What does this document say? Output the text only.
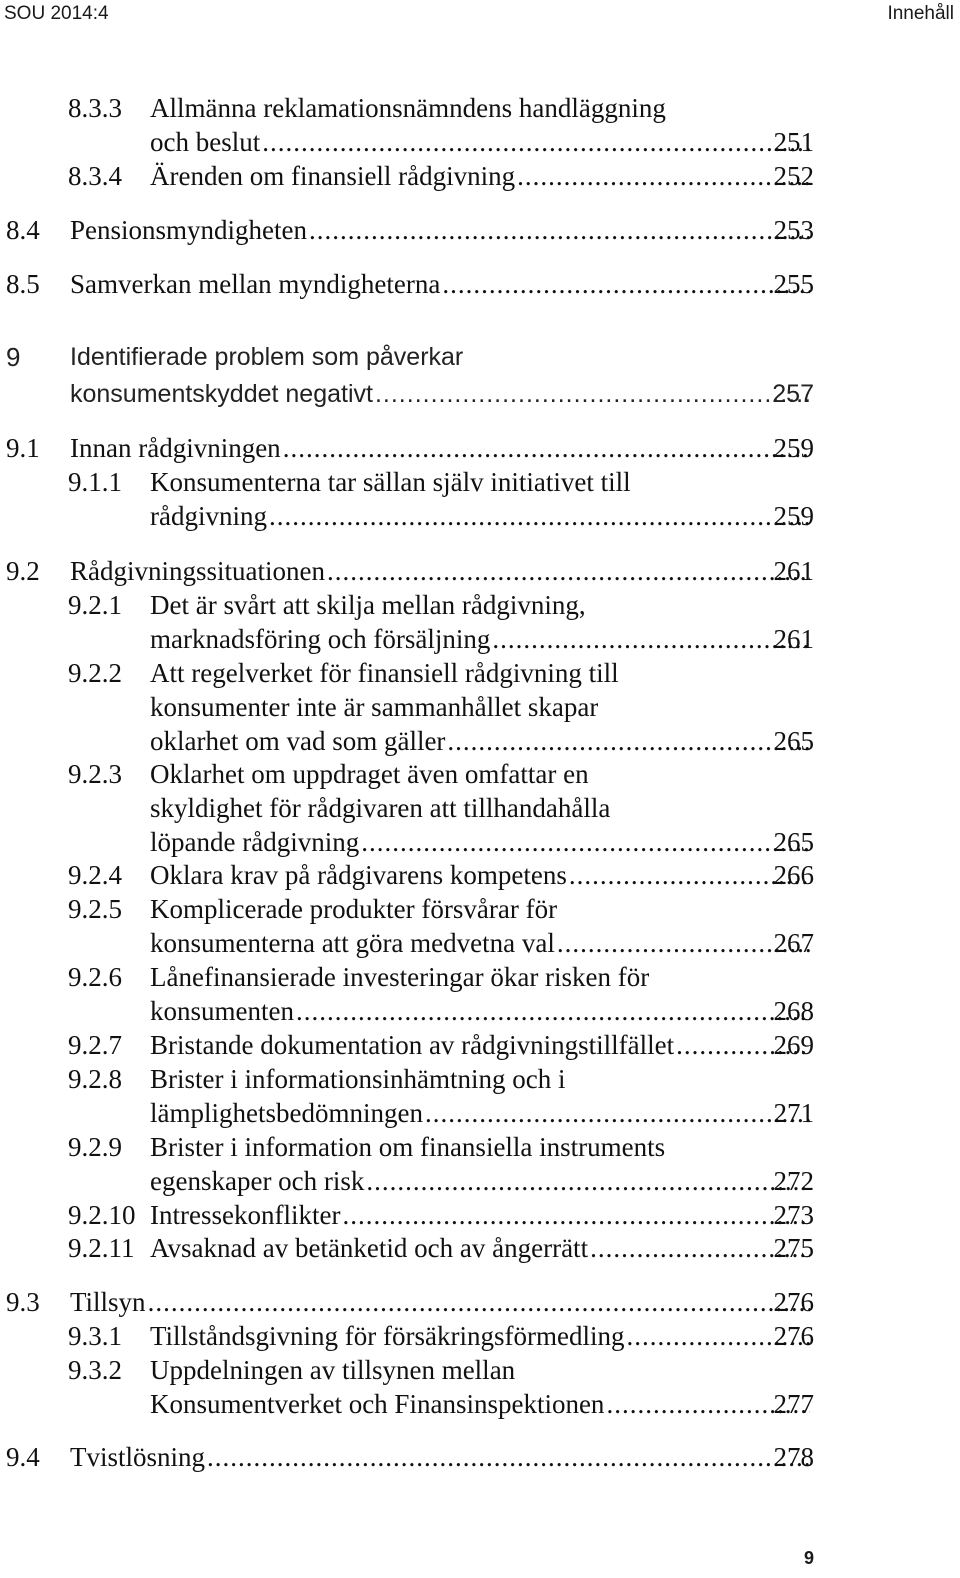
SOU 2014:4	Innehåll
8.3.3 Allmänna reklamationsnämndens handläggning
och beslut .....	251
8.3.4 Ärenden om finansiell rådgivning .....	252
8.4 Pensionsmyndigheten .....	253
8.5 Samverkan mellan myndigheterna .....	255
9 Identifierade problem som påverkar
konsumentskyddet negativt .....	257
9.1 Innan rådgivningen .....	259
9.1.1 Konsumenterna tar sällan själv initiativet till
rådgivning .....	259
9.2 Rådgivningssituationen .....	261
9.2.1 Det är svårt att skilja mellan rådgivning,
marknadsföring och försäljning .....	261
9.2.2 Att regelverket för finansiell rådgivning till
konsumenter inte är sammanhållet skapar
oklarhet om vad som gäller .....	265
9.2.3 Oklarhet om uppdraget även omfattar en
skyldighet för rådgivaren att tillhandahålla
löpande rådgivning .....	265
9.2.4 Oklara krav på rådgivarens kompetens .....	266
9.2.5 Komplicerade produkter försvårar för
konsumenterna att göra medvetna val .....	267
9.2.6 Lånefinansierade investeringar ökar risken för
konsumenten .....	268
9.2.7 Bristande dokumentation av rådgivningstillfället .....	269
9.2.8 Brister i informationsinhämtning och i
lämplighetsbedömningen .....	271
9.2.9 Brister i information om finansiella instruments
egenskaper och risk .....	272
9.2.10 Intressekonflikter .....	273
9.2.11 Avsaknad av betänketid och av ångerrätt .....	275
9.3 Tillsyn .....	276
9.3.1 Tillståndsgivning för försäkringsförmedling .....	276
9.3.2 Uppdelningen av tillsynen mellan
Konsumentverket och Finansinspektionen .....	277
9.4 Tvistlösning .....	278
9
